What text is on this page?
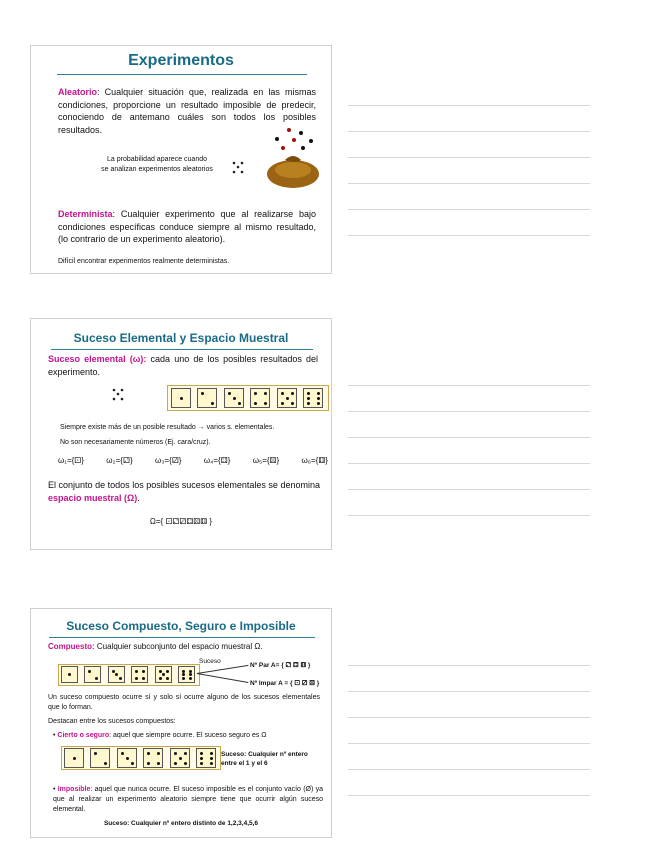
Experimentos
Aleatorio: Cualquier situación que, realizada en las mismas condiciones, proporcione un resultado imposible de predecir, conociendo de antemano cuáles son todos los posibles resultados.
La probabilidad aparece cuando
se analizan experimentos aleatorios
Determinista: Cualquier experimento que al realizarse bajo condiciones específicas conduce siempre al mismo resultado, (lo contrario de un experimento aleatorio).
Difícil encontrar experimentos realmente deterministas.
Suceso Elemental y Espacio Muestral
Suceso elemental (ω): cada uno de los posibles resultados del experimento.

Siempre existe más de un posible resultado → varios s. elementales.
No son necesariamente números (Ej. cara/cruz).
ω₁={⚀}	ω₂={⚁}	ω₃={⚂}	ω₄={⚃}	ω₅={⚄}	ω₆={⚅}
El conjunto de todos los posibles sucesos elementales se denomina espacio muestral (Ω).
Ω={ ⚀⚁⚂⚃⚄⚅ }
Suceso Compuesto, Seguro e Imposible
Compuesto: Cualquier subconjunto del espacio muestral Ω.

Suceso
Nº Par A= { ⚁ ⚃ ⚅ }
Nº Impar A = { ⚀ ⚂ ⚄ }
Un suceso compuesto ocurre sí y solo sí ocurre alguno de los sucesos elementales que lo forman.
Destacan entre los sucesos compuestos:
• Cierto o seguro: aquel que siempre ocurre. El suceso seguro es Ω

Suceso: Cualquier nº entero entre el 1 y el 6
• Imposible: aquel que nunca ocurre. El suceso imposible es el conjunto vacío (Ø) ya que al realizar un experimento aleatorio siempre tiene que ocurrir algún suceso elemental.
Suceso: Cualquier nº entero distinto de 1,2,3,4,5,6
